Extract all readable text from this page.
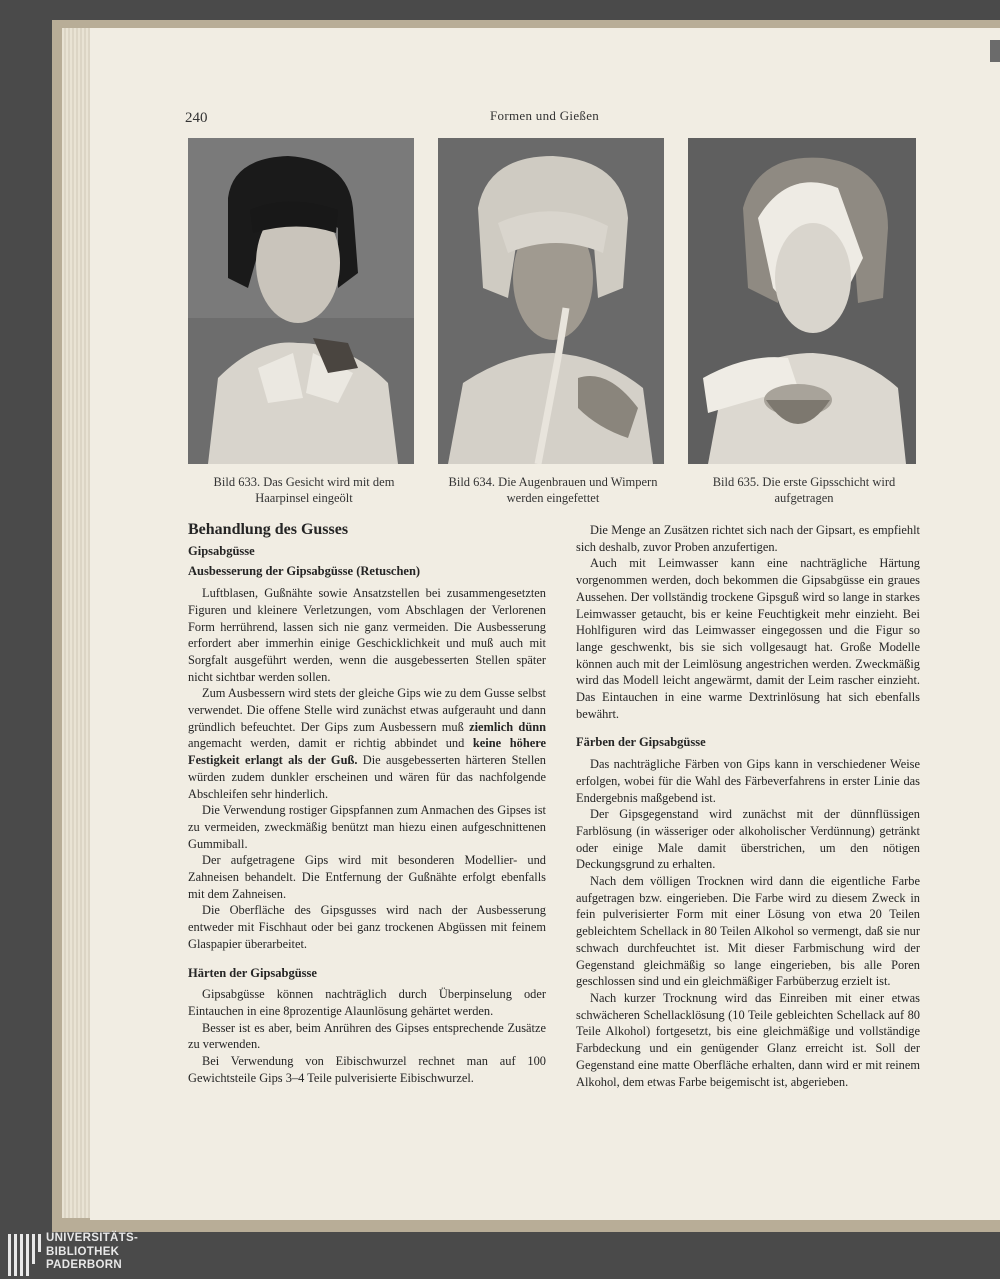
240	Formen und Gießen
Bild 633. Das Gesicht wird mit dem Haarpinsel eingeölt
Bild 634. Die Augenbrauen und Wimpern werden eingefettet
Bild 635. Die erste Gipsschicht wird aufgetragen
Behandlung des Gusses
Gipsabgüsse
Ausbesserung der Gipsabgüsse (Retuschen)

Luftblasen, Gußnähte sowie Ansatzstellen bei zusammengesetzten Figuren und kleinere Verletzungen, vom Abschlagen der Verlorenen Form herrührend, lassen sich nie ganz vermeiden. Die Ausbesserung erfordert aber immerhin einige Geschicklichkeit und muß auch mit Sorgfalt ausgeführt werden, wenn die ausgebesserten Stellen später nicht sichtbar werden sollen.

Zum Ausbessern wird stets der gleiche Gips wie zu dem Gusse selbst verwendet. Die offene Stelle wird zunächst etwas aufgerauht und dann gründlich befeuchtet. Der Gips zum Ausbessern muß ziemlich dünn angemacht werden, damit er richtig abbindet und keine höhere Festigkeit erlangt als der Guß. Die ausgebesserten härteren Stellen würden zudem dunkler erscheinen und wären für das nachfolgende Abschleifen sehr hinderlich.

Die Verwendung rostiger Gipspfannen zum Anmachen des Gipses ist zu vermeiden, zweckmäßig benützt man hiezu einen aufgeschnittenen Gummiball.

Der aufgetragene Gips wird mit besonderen Modellier- und Zahneisen behandelt. Die Entfernung der Gußnähte erfolgt ebenfalls mit dem Zahneisen.

Die Oberfläche des Gipsgusses wird nach der Ausbesserung entweder mit Fischhaut oder bei ganz trockenen Abgüssen mit feinem Glaspapier überarbeitet.

Härten der Gipsabgüsse

Gipsabgüsse können nachträglich durch Überpinselung oder Eintauchen in eine 8prozentige Alaunlösung gehärtet werden.

Besser ist es aber, beim Anrühren des Gipses entsprechende Zusätze zu verwenden.

Bei Verwendung von Eibischwurzel rechnet man auf 100 Gewichtsteile Gips 3–4 Teile pulverisierte Eibischwurzel.

Die Menge an Zusätzen richtet sich nach der Gipsart, es empfiehlt sich deshalb, zuvor Proben anzufertigen.

Auch mit Leimwasser kann eine nachträgliche Härtung vorgenommen werden, doch bekommen die Gipsabgüsse ein graues Aussehen. Der vollständig trockene Gipsguß wird so lange in starkes Leimwasser getaucht, bis er keine Feuchtigkeit mehr einzieht. Bei Hohlfiguren wird das Leimwasser eingegossen und die Figur so lange geschwenkt, bis sie sich vollgesaugt hat. Große Modelle können auch mit der Leimlösung angestrichen werden. Zweckmäßig wird das Modell leicht angewärmt, damit der Leim rascher einzieht. Das Eintauchen in eine warme Dextrinlösung hat sich ebenfalls bewährt.

Färben der Gipsabgüsse

Das nachträgliche Färben von Gips kann in verschiedener Weise erfolgen, wobei für die Wahl des Färbeverfahrens in erster Linie das Endergebnis maßgebend ist.

Der Gipsgegenstand wird zunächst mit der dünnflüssigen Farblösung (in wässeriger oder alkoholischer Verdünnung) getränkt oder einige Male damit überstrichen, um den nötigen Deckungsgrund zu erhalten.

Nach dem völligen Trocknen wird dann die eigentliche Farbe aufgetragen bzw. eingerieben. Die Farbe wird zu diesem Zweck in fein pulverisierter Form mit einer Lösung von etwa 20 Teilen gebleichtem Schellack in 80 Teilen Alkohol so vermengt, daß sie nur schwach durchfeuchtet ist. Mit dieser Farbmischung wird der Gegenstand gleichmäßig so lange eingerieben, bis alle Poren geschlossen sind und ein gleichmäßiger Farbüberzug erzielt ist.

Nach kurzer Trocknung wird das Einreiben mit einer etwas schwächeren Schellacklösung (10 Teile gebleichten Schellack auf 80 Teile Alkohol) fortgesetzt, bis eine gleichmäßige und vollständige Farbdeckung und ein genügender Glanz erreicht ist. Soll der Gegenstand eine matte Oberfläche erhalten, dann wird er mit reinem Alkohol, dem etwas Farbe beigemischt ist, abgerieben.

UNIVERSITÄTS-
BIBLIOTHEK
PADERBORN
